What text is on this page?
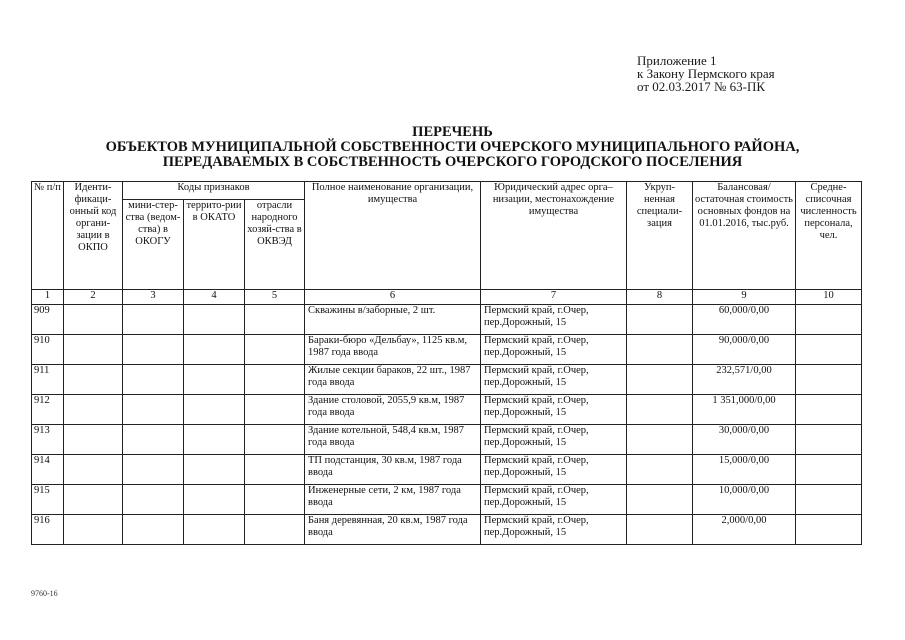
Приложение 1
к Закону Пермского края
от 02.03.2017 № 63-ПК
ПЕРЕЧЕНЬ
ОБЪЕКТОВ МУНИЦИПАЛЬНОЙ СОБСТВЕННОСТИ ОЧЕРСКОГО МУНИЦИПАЛЬНОГО РАЙОНА,
ПЕРЕДАВАЕМЫХ В СОБСТВЕННОСТЬ ОЧЕРСКОГО ГОРОДСКОГО ПОСЕЛЕНИЯ
№ п/п	Иденти-фикаци-онный код органи-зации в ОКПО	Коды признаков			Полное наименование организации, имущества	Юридический адрес орга–низации, местонахождение имущества	Укруп-ненная специали-зация	Балансовая/ остаточная стоимость основных фондов на 01.01.2016, тыс.руб.	Средне-списочная численность персонала, чел.
		мини-стер-ства (ведом-ства) в ОКОГУ	террито-рии в ОКАТО	отрасли народного хозяй-ства в ОКВЭД					
1	2	3	4	5	6	7	8	9	10
909					Скважины в/заборные, 2 шт.	Пермский край, г.Очер, пер.Дорожный, 15		60,000/0,00	
910					Бараки-бюро «Дельбау», 1125 кв.м, 1987 года ввода	Пермский край, г.Очер, пер.Дорожный, 15		90,000/0,00	
911					Жилые секции бараков, 22 шт., 1987 года ввода	Пермский край, г.Очер, пер.Дорожный, 15		232,571/0,00	
912					Здание столовой, 2055,9 кв.м, 1987 года ввода	Пермский край, г.Очер, пер.Дорожный, 15		1 351,000/0,00	
913					Здание котельной, 548,4 кв.м, 1987 года ввода	Пермский край, г.Очер, пер.Дорожный, 15		30,000/0,00	
914					ТП подстанция, 30 кв.м, 1987 года ввода	Пермский край, г.Очер, пер.Дорожный, 15		15,000/0,00	
915					Инженерные сети, 2 км, 1987 года ввода	Пермский край, г.Очер, пер.Дорожный, 15		10,000/0,00	
916					Баня деревянная, 20 кв.м, 1987 года ввода	Пермский край, г.Очер, пер.Дорожный, 15		2,000/0,00	
9760-16
